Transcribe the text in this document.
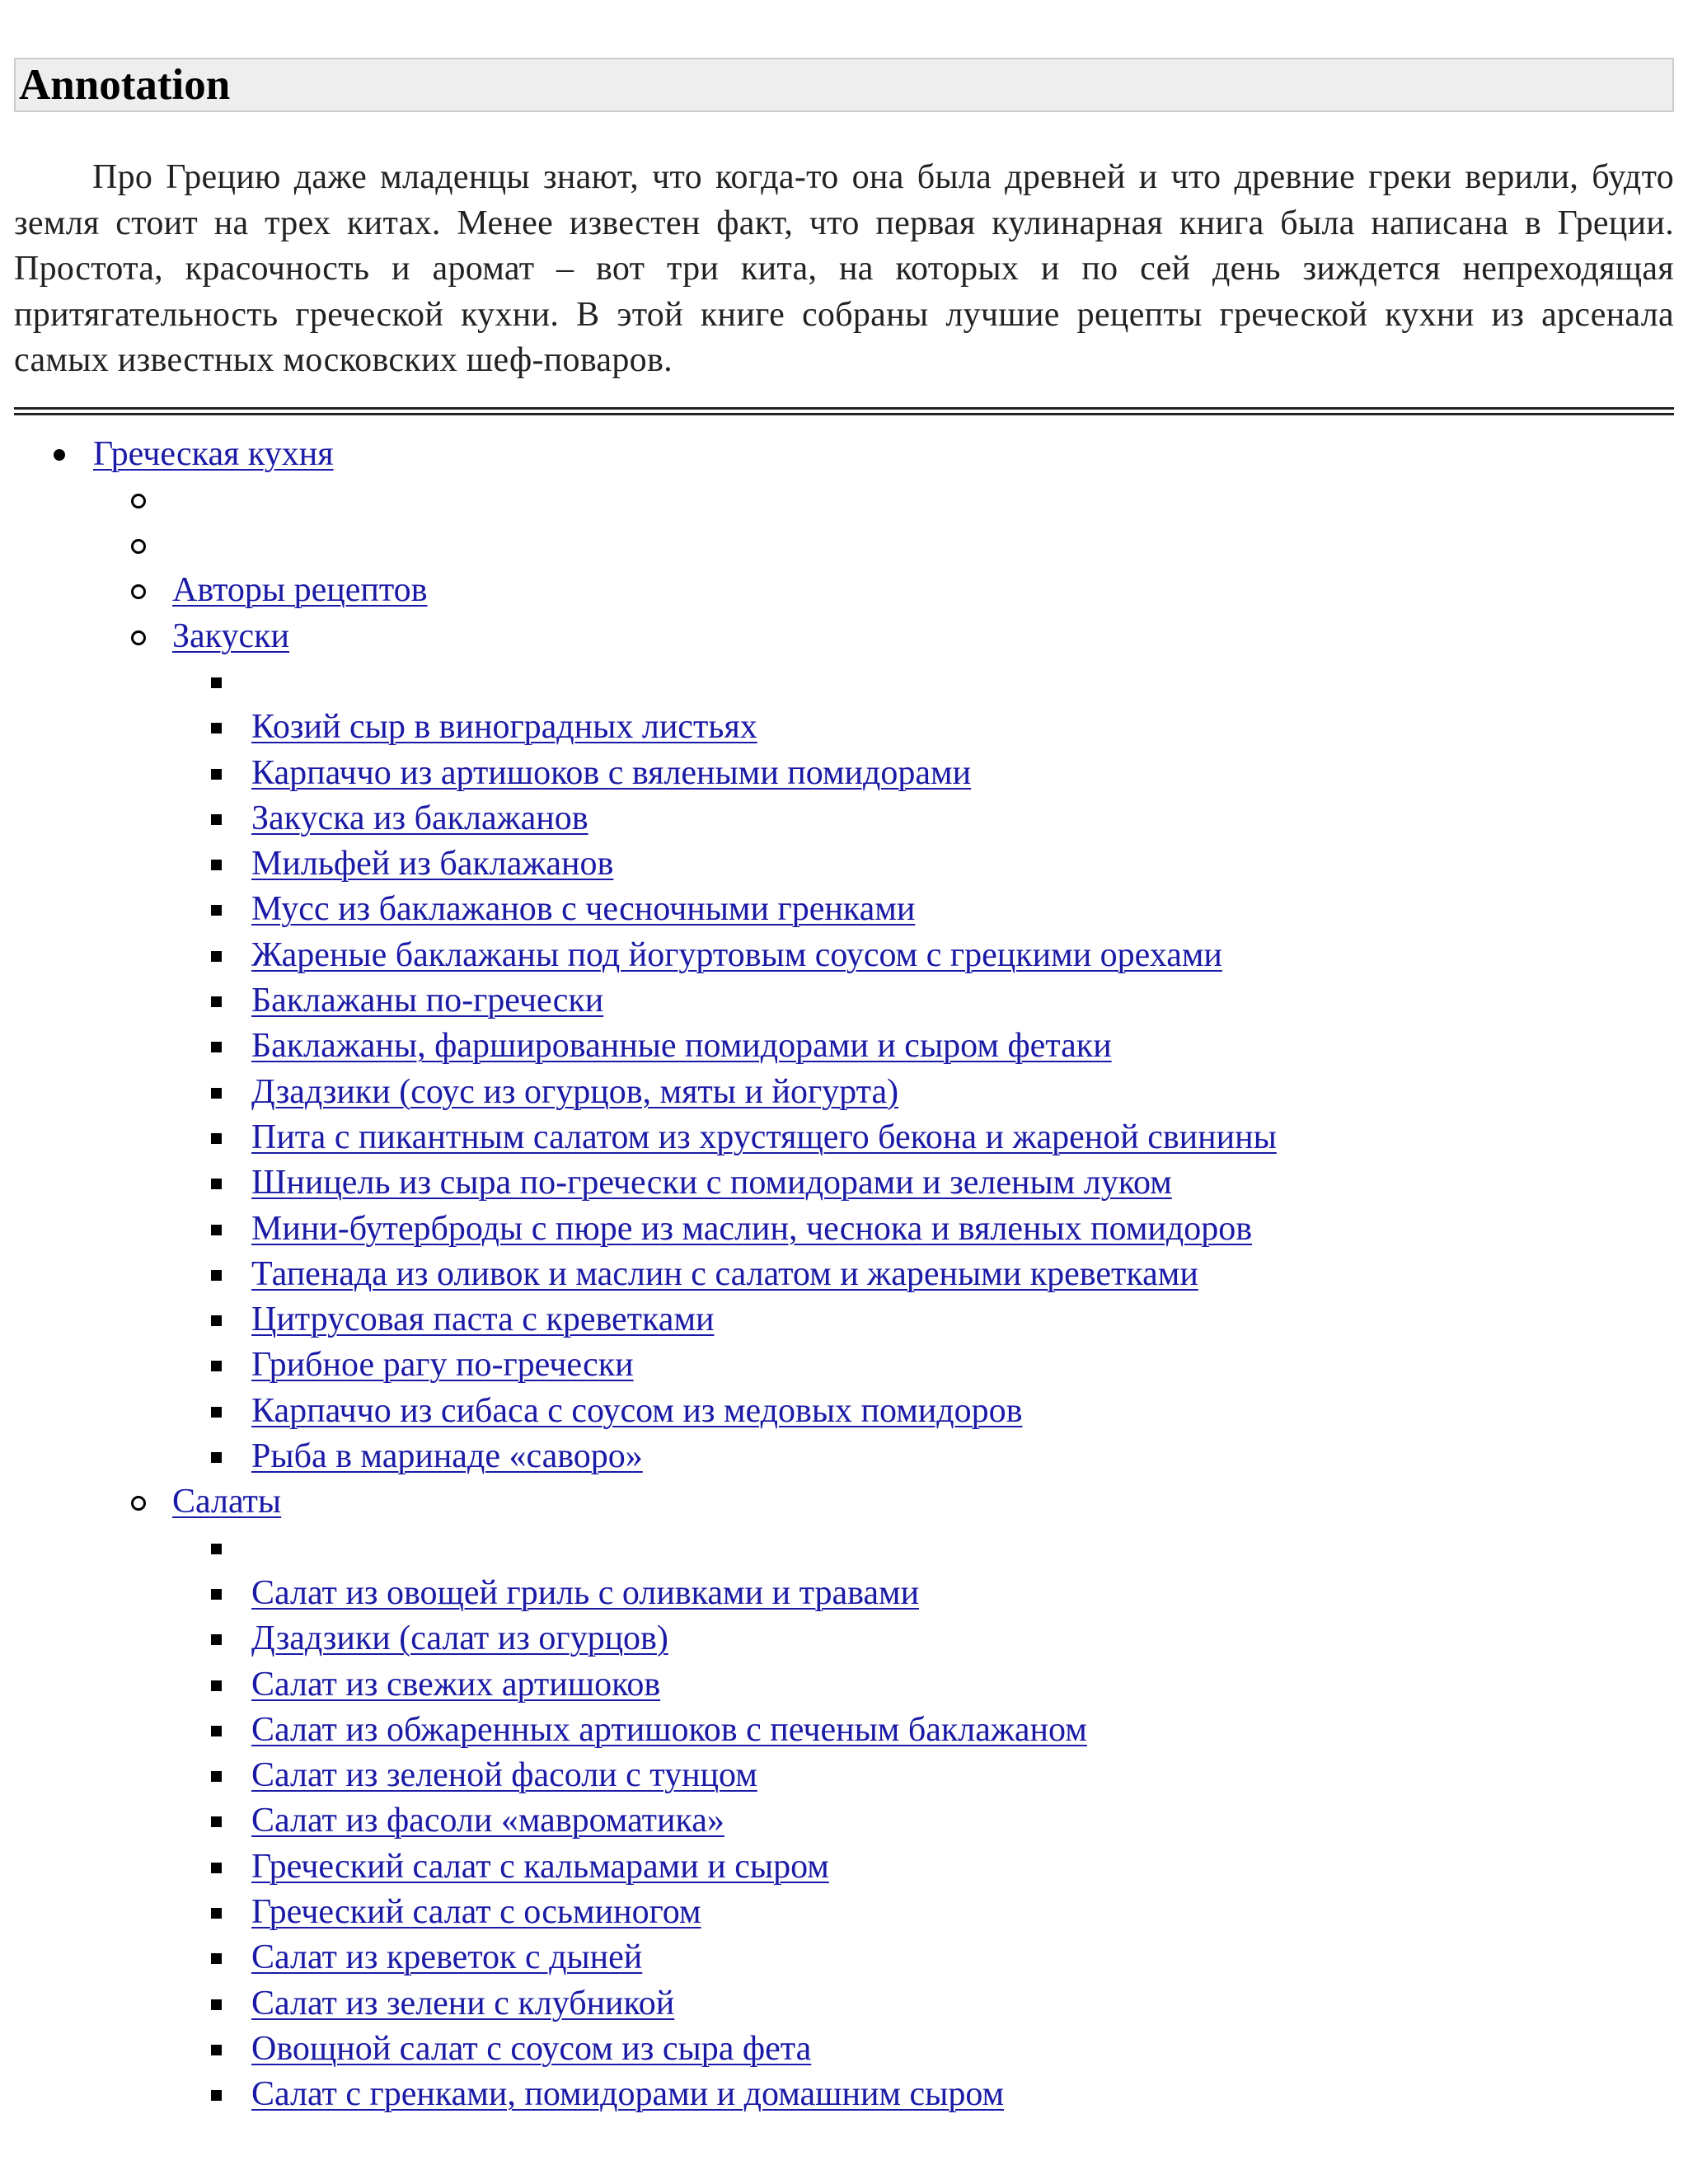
Annotation
Про Грецию даже младенцы знают, что когда-то она была древней и что древние греки верили, будто земля стоит на трех китах. Менее известен факт, что первая кулинарная книга была написана в Греции. Простота, красочность и аромат – вот три кита, на которых и по сей день зиждется непреходящая притягательность греческой кухни. В этой книге собраны лучшие рецепты греческой кухни из арсенала самых известных московских шеф-поваров.
Греческая кухня
Авторы рецептов
Закуски
Козий сыр в виноградных листьях
Карпаччо из артишоков с вялеными помидорами
Закуска из баклажанов
Мильфей из баклажанов
Мусс из баклажанов с чесночными гренками
Жареные баклажаны под йогуртовым соусом с грецкими орехами
Баклажаны по-гречески
Баклажаны, фаршированные помидорами и сыром фетаки
Дзадзики (соус из огурцов, мяты и йогурта)
Пита с пикантным салатом из хрустящего бекона и жареной свинины
Шницель из сыра по-гречески с помидорами и зеленым луком
Мини-бутерброды с пюре из маслин, чеснока и вяленых помидоров
Тапенада из оливок и маслин с салатом и жареными креветками
Цитрусовая паста с креветками
Грибное рагу по-гречески
Карпаччо из сибаса с соусом из медовых помидоров
Рыба в маринаде «саворо»
Салаты
Салат из овощей гриль с оливками и травами
Дзадзики (салат из огурцов)
Салат из свежих артишоков
Салат из обжаренных артишоков с печеным баклажаном
Салат из зеленой фасоли с тунцом
Салат из фасоли «мавроматика»
Греческий салат с кальмарами и сыром
Греческий салат с осьминогом
Салат из креветок с дыней
Салат из зелени с клубникой
Овощной салат с соусом из сыра фета
Салат с гренками, помидорами и домашним сыром
